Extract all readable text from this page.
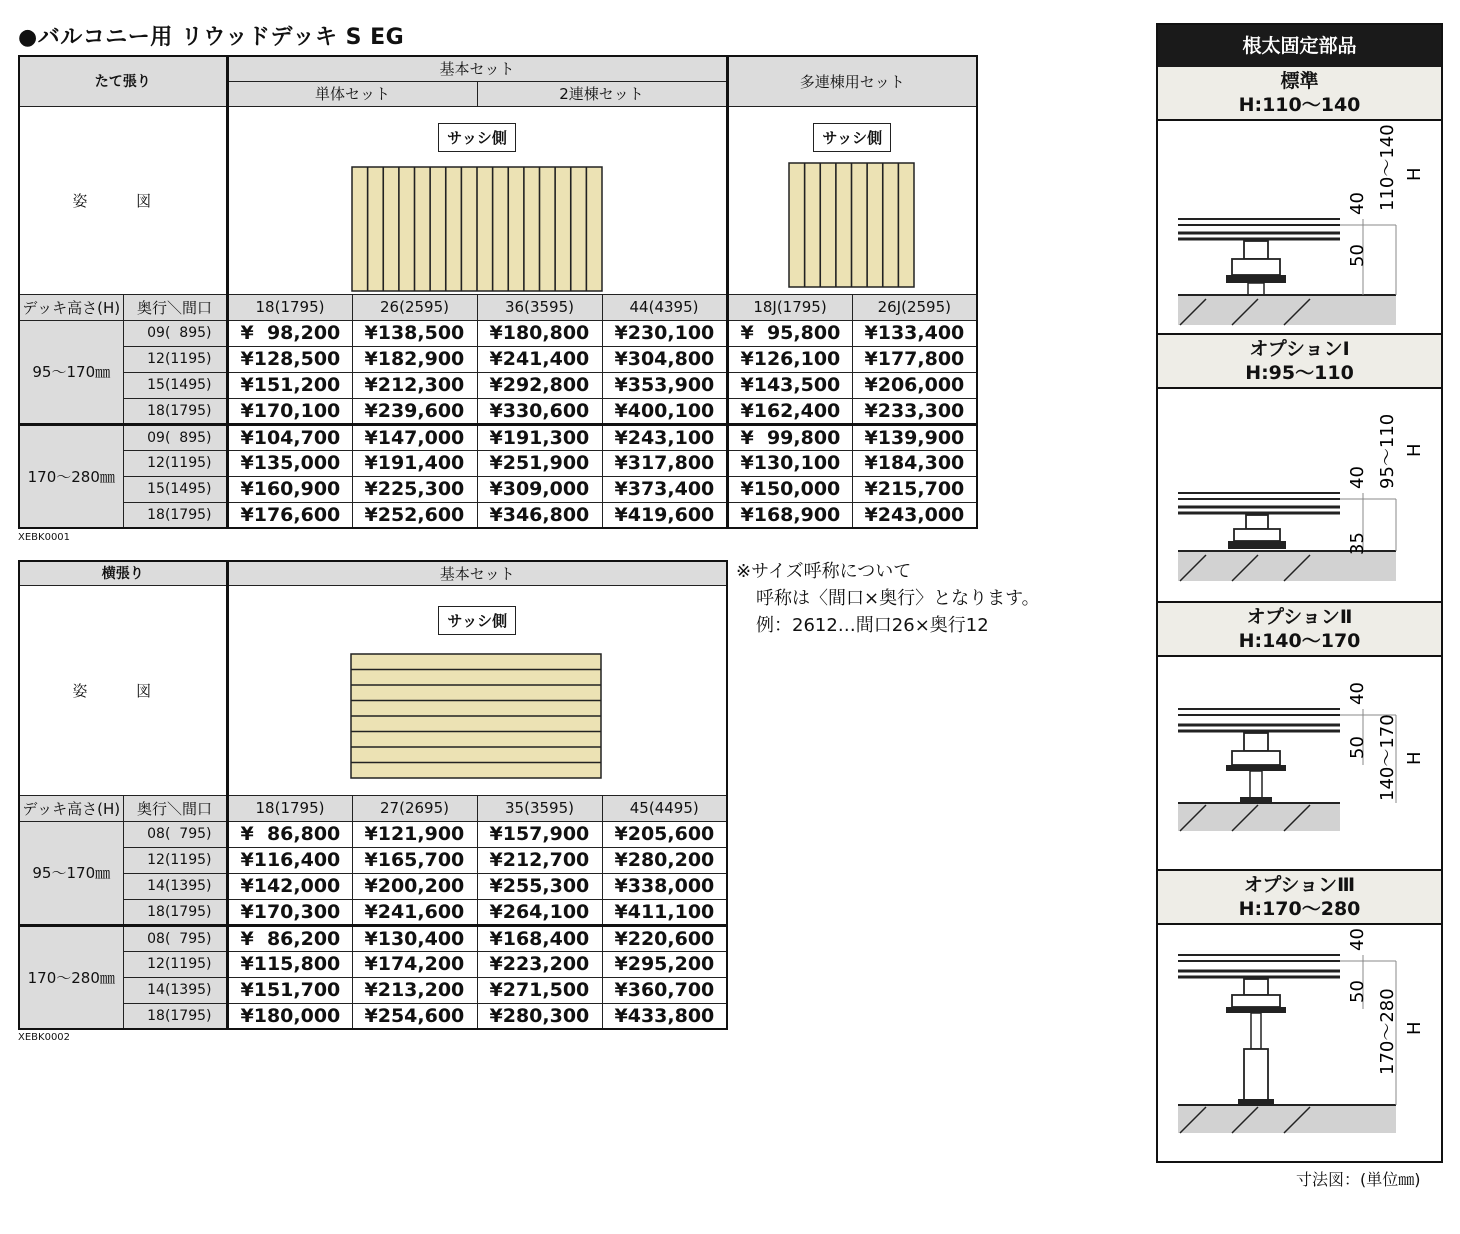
●バルコニー用 リウッドデッキ S EG
たて張り		基本セット				多連棟用セット	
		単体セット		2連棟セット			
姿 図		サッシ側				サッシ側	

デッキ高さ(H)	奥行＼間口	18(1795)	26(2595)	36(3595)	44(4395)	18J(1795)	26J(2595)
95～170㎜	09(  895)	¥  98,200	¥138,500	¥180,800	¥230,100	¥  95,800	¥133,400
	12(1195)	¥128,500	¥182,900	¥241,400	¥304,800	¥126,100	¥177,800
	15(1495)	¥151,200	¥212,300	¥292,800	¥353,900	¥143,500	¥206,000
	18(1795)	¥170,100	¥239,600	¥330,600	¥400,100	¥162,400	¥233,300
170～280㎜	09(  895)	¥104,700	¥147,000	¥191,300	¥243,100	¥  99,800	¥139,900
	12(1195)	¥135,000	¥191,400	¥251,900	¥317,800	¥130,100	¥184,300
	15(1495)	¥160,900	¥225,300	¥309,000	¥373,400	¥150,000	¥215,700
	18(1795)	¥176,600	¥252,600	¥346,800	¥419,600	¥168,900	¥243,000
XEBK0001
横張り		基本セット			
姿 図		サッシ側			

デッキ高さ(H)	奥行＼間口	18(1795)	27(2695)	35(3595)	45(4495)
95～170㎜	08(  795)	¥  86,800	¥121,900	¥157,900	¥205,600
	12(1195)	¥116,400	¥165,700	¥212,700	¥280,200
	14(1395)	¥142,000	¥200,200	¥255,300	¥338,000
	18(1795)	¥170,300	¥241,600	¥264,100	¥411,100
170～280㎜	08(  795)	¥  86,200	¥130,400	¥168,400	¥220,600
	12(1195)	¥115,800	¥174,200	¥223,200	¥295,200
	14(1395)	¥151,700	¥213,200	¥271,500	¥360,700
	18(1795)	¥180,000	¥254,600	¥280,300	¥433,800
XEBK0002
※サイズ呼称について
呼称は〈間口×奥行〉となります。
例：2612…間口26×奥行12
根太固定部品
標準
H:110～140
40
50
110～140 H
オプションⅠ
H:95～110
40
35
95～110 H
オプションⅡ
H:140～170
40
50 140～170 H
オプションⅢ
H:170～280
40
50 170～280 H
寸法図：(単位㎜)
